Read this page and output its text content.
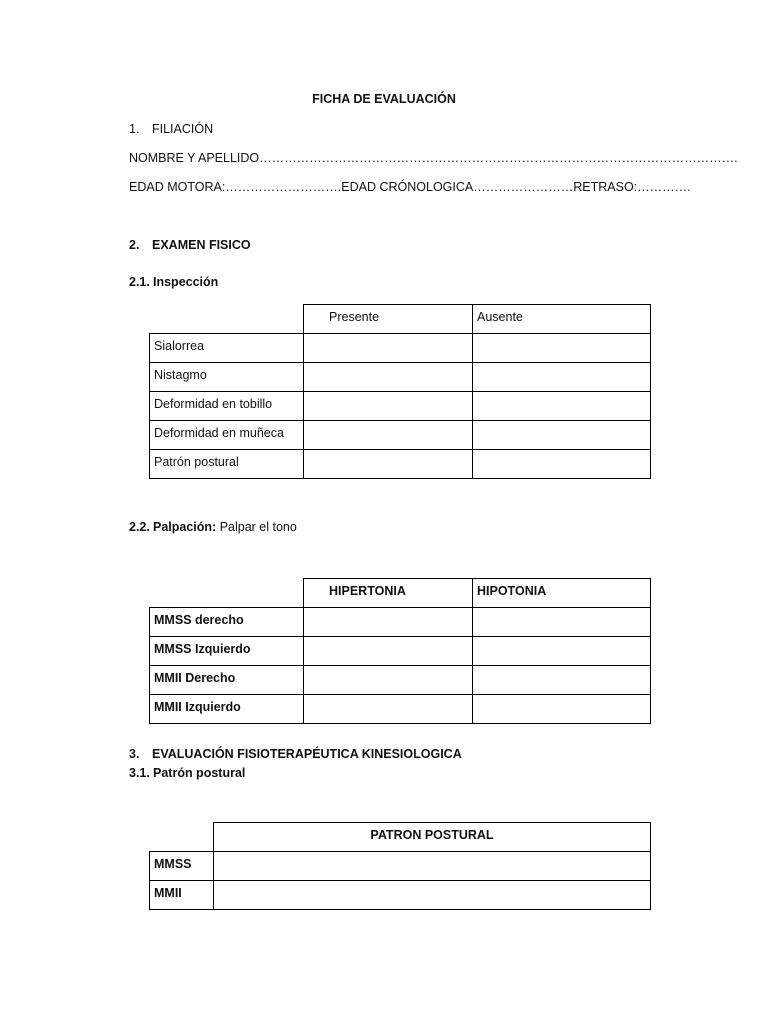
FICHA DE EVALUACIÓN
1. FILIACIÓN
NOMBRE Y APELLIDO…………………………………………………………………………………………………….
EDAD MOTORA:……………………….EDAD CRÓNOLOGICA……………………RETRASO:………….
2. EXAMEN FISICO
2.1. Inspección

	Presente	Ausente

Sialorrea		

Nistagmo		

Deformidad en tobillo		

Deformidad en muñeca		

Patrón postural		

2.2. Palpación: Palpar el tono

	HIPERTONIA	HIPOTONIA

MMSS derecho		

MMSS Izquierdo		

MMII Derecho		

MMII Izquierdo		

3. EVALUACIÓN FISIOTERAPÉUTICA KINESIOLOGICA
3.1. Patrón postural

	PATRON POSTURAL

MMSS	

MMII	
